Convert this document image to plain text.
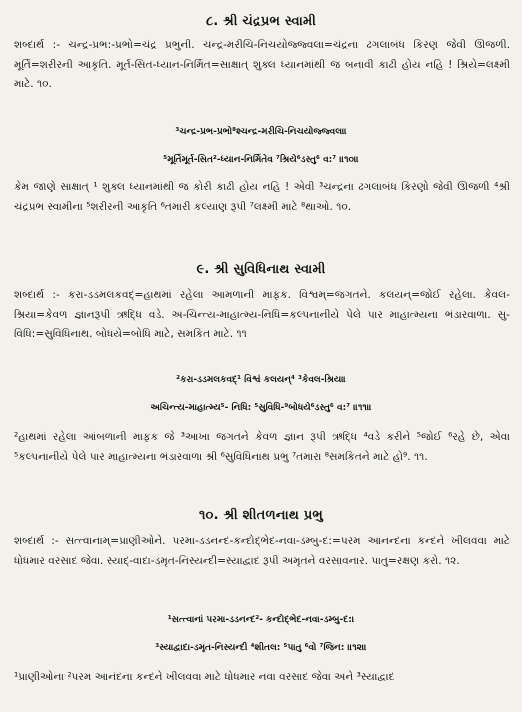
૮. શ્રી ચંદ્રપ્રભ સ્વામી
શબ્દાર્થ :- ચન્દ્ર-પ્રભ:-પ્રભો=ચંદ્ર પ્રભુની. ચન્દ્ર-મરીચિ-નિચયોજ્જ્વલા=ચંદ્રના ઢગલાબંધ કિરણ જેવી ઊજળી. મૂર્તિ=શરીરની આકૃતિ. મૂર્ત-સિત-ધ્યાન-નિર્મિત=સાક્ષાત્ શુક્લ ધ્યાનમાંથી જ બનાવી કાઢી હોય નહિ ! શ્રિયે=લક્ષ્મી માટે. ૧૦.
³ચન્દ્ર-પ્રભ-પ્રભો⁸શ્ચન્દ્ર-મરીચિ-નિચયોજ્જ્વલા।
⁵મૂર્તિમૂર્ત-સિત²-ધ્યાન-નિર્મિતેવ ⁷શ્રિયે⁶ડસ્તુ⁶ વ:⁷ ॥૧૦॥
કેમ જાણે સાક્ષાત્ ¹ શુક્લ ધ્યાનમાંથી જ કોરી કાઢી હોય નહિ ! એવી ³ચન્દ્રના ઢગલાબંધ કિરણો જેવી ઊજળી ⁴શ્રી ચંદ્રપ્રભ સ્વામીના ⁵શરીરની આકૃતિ ⁶તમારી કલ્યાણ રૂપી ⁷લક્ષ્મી માટે ⁸થાઓ. ૧૦.
૯. શ્રી સુવિધિનાથ સ્વામી
શબ્દાર્થ :- કરા-ડડમલકવદ્=હાથમાં રહેલા આમળાની માફક. વિશ્વમ્=જગતને. કલયન્=જોઈ રહેલા. કેવલ-શ્રિયા=કેવળ જ્ઞાનરૂપી ઋદ્ધિ વડે. અ-ચિન્ત્ય-માહાત્મ્ય-નિધિ=કલ્પનાનીયે પેલે પાર માહાત્મ્યના ભંડારવાળા. સુ-વિધિ:=સુવિધિનાથ. બોધયે=બોધિ માટે, સમકિત માટે. ૧૧
²કરા-ડડમલકવદ્¹ વિશ્વં કલયન્⁴ ³કેવલ-શ્રિયા।
અચિન્ત્ય-માહાત્મ્ય⁵- નિધિ: ⁵સુવિધિ-⁹બોધયે⁶ડસ્તુ⁶ વ:⁷ ॥૧૧॥
²હાથમાં રહેલા આંબળાની માફક જે ³આખા જગતને કેવળ જ્ઞાન રૂપી ઋદ્ધિ ⁴વડે કરીને ⁵જોઈ ⁶રહે છે, એવા ⁵કલ્પનાનીયે પેલે પાર માહાત્મ્યના ભંડારવાળા શ્રી ⁶સુવિધિનાથ પ્રભુ ⁷તમારા ⁸સમકિતને માટે હો⁹. ૧૧.
૧૦. શ્રી શીતળનાથ પ્રભુ
શબ્દાર્થ :- સત્ત્વાનામ્=પ્રાણીઓને. પરમા-ડડનન્દ-કન્દોદ્ભેદ-નવા-ડમ્બુ-દ:=પરમ આનન્દના કન્દને ખીલવવા માટે ધોધમાર વરસાદ જેવા. સ્યાદ્-વાદા-ડમૃત-નિસ્યન્દી=સ્યાદ્વાદ રૂપી અમૃતને વરસાવનાર. પાતુ=રક્ષણ કરો. ૧૨.
¹સત્ત્વાનાં પરમા-ડડનન્દ²- કન્દોદ્ભેદ-નવા-ડમ્બુ-દ:।
³સ્યાદ્વાદા-ડમૃત-નિસ્યન્દી ⁴શીતલ: ⁵પાતુ ⁶વો ⁷જિન: ॥૧૨॥
¹પ્રાણીઓના ²પરમ આનંદના કન્દને ખીલવવા માટે ધોધમાર નવા વરસાદ જેવા અને ³સ્યાદ્વાદ
